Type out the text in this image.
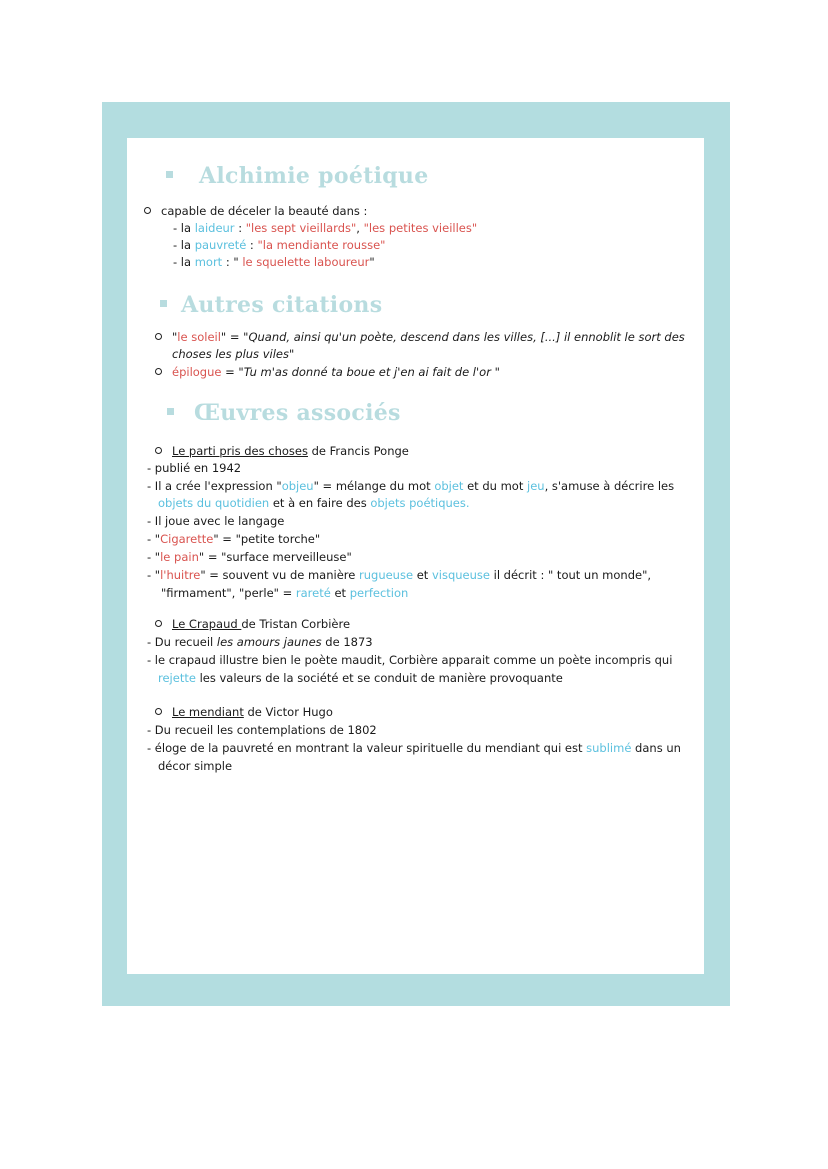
Alchimie poétique
capable de déceler la beauté dans :
- la laideur : "les sept vieillards", "les petites vieilles"
- la pauvreté : "la mendiante rousse"
- la mort : " le squelette laboureur"
Autres citations
"le soleil" = "Quand, ainsi qu'un poète, descend dans les villes, [...] il ennoblit le sort des
choses les plus viles"
épilogue = "Tu m'as donné ta boue et j'en ai fait de l'or "
Œuvres associés
Le parti pris des choses de Francis Ponge
- publié en 1942
- Il a crée l'expression "objeu" = mélange du mot objet et du mot jeu, s'amuse à décrire les
objets du quotidien et à en faire des objets poétiques.
- Il joue avec le langage
- "Cigarette" = "petite torche"
- "le pain" = "surface merveilleuse"
- "l'huitre" = souvent vu de manière rugueuse et visqueuse il décrit : " tout un monde",
"firmament", "perle" = rareté et perfection
Le Crapaud de Tristan Corbière
- Du recueil les amours jaunes de 1873
- le crapaud illustre bien le poète maudit, Corbière apparait comme un poète incompris qui
rejette les valeurs de la société et se conduit de manière provoquante
Le mendiant de Victor Hugo
- Du recueil les contemplations de 1802
- éloge de la pauvreté en montrant la valeur spirituelle du mendiant qui est sublimé dans un
décor simple
